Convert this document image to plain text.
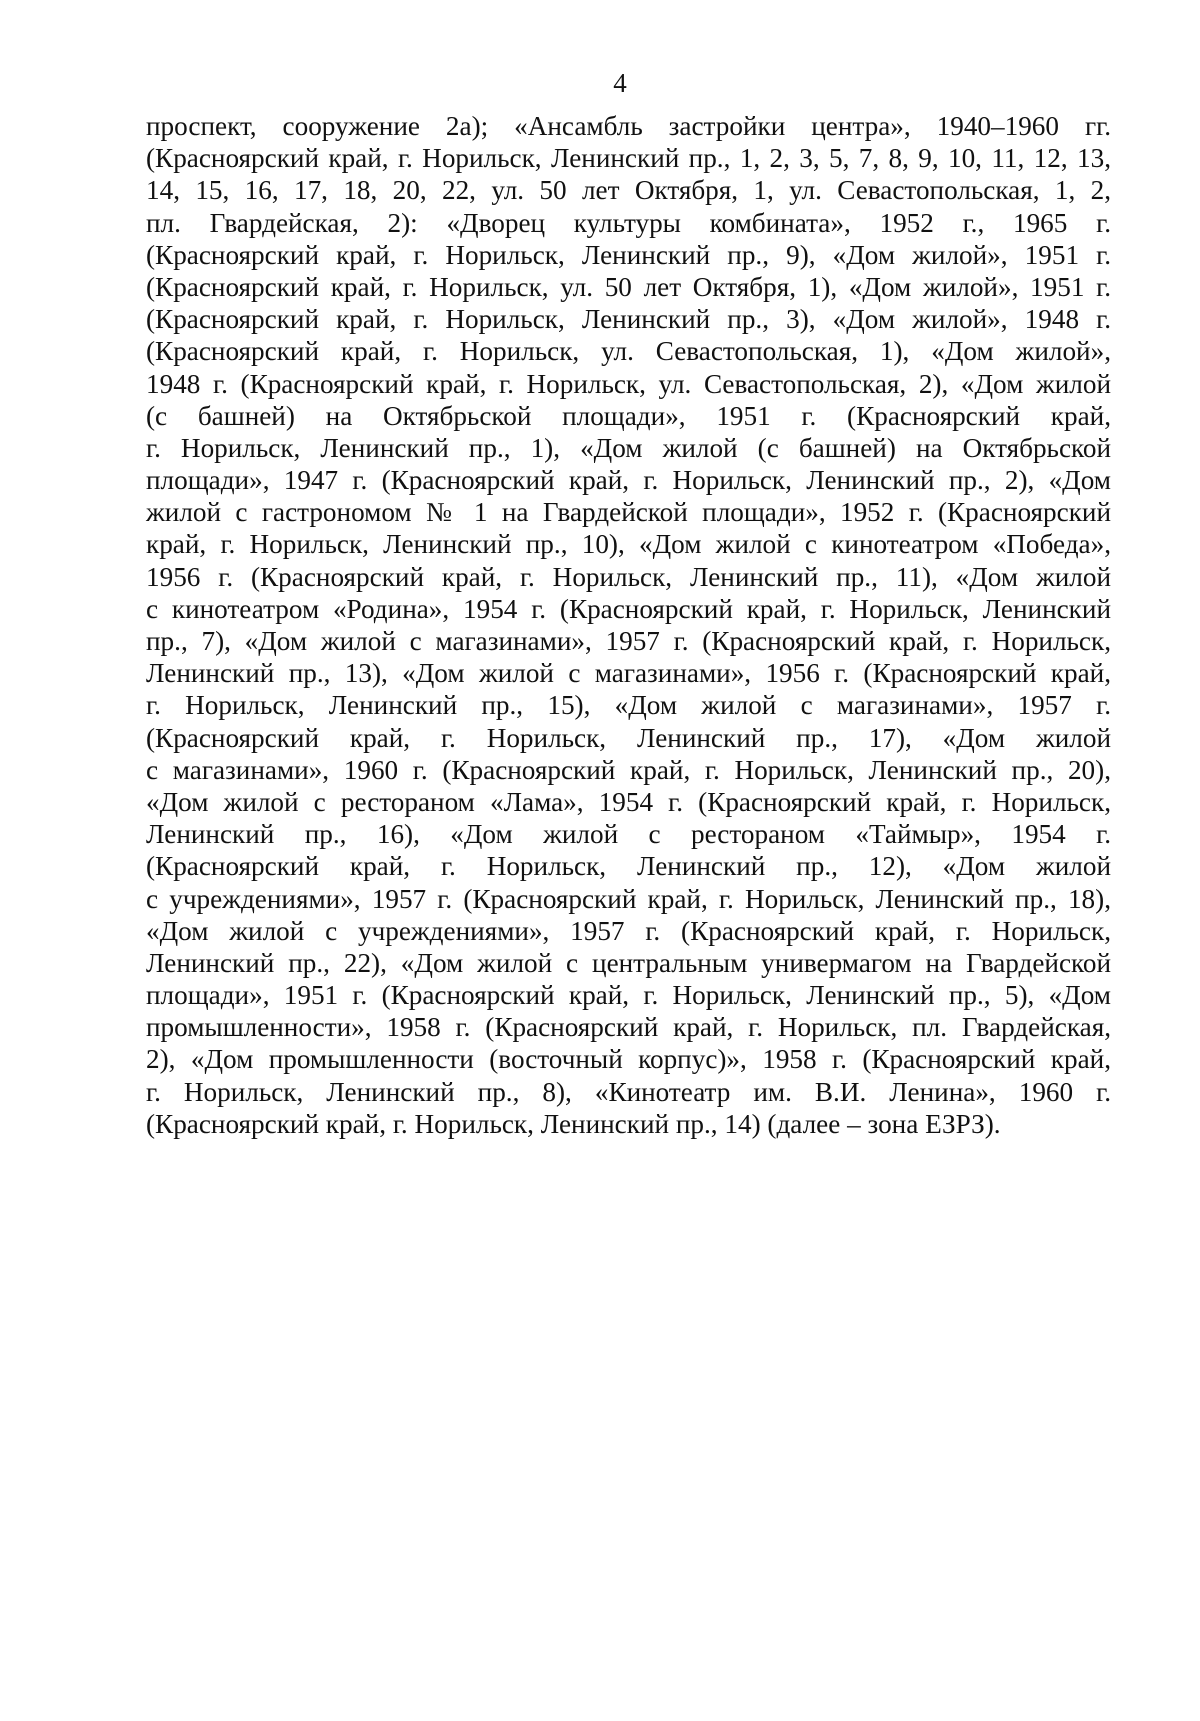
4
проспект, сооружение 2а); «Ансамбль застройки центра», 1940–1960 гг.
(Красноярский край, г. Норильск, Ленинский пр., 1, 2, 3, 5, 7, 8, 9, 10, 11, 12, 13,
14, 15, 16, 17, 18, 20, 22, ул. 50 лет Октября, 1, ул. Севастопольская, 1, 2,
пл. Гвардейская, 2): «Дворец культуры комбината», 1952 г., 1965 г.
(Красноярский край, г. Норильск, Ленинский пр., 9), «Дом жилой», 1951 г.
(Красноярский край, г. Норильск, ул. 50 лет Октября, 1), «Дом жилой», 1951 г.
(Красноярский край, г. Норильск, Ленинский пр., 3), «Дом жилой», 1948 г.
(Красноярский край, г. Норильск, ул. Севастопольская, 1), «Дом жилой»,
1948 г. (Красноярский край, г. Норильск, ул. Севастопольская, 2), «Дом жилой
(с башней) на Октябрьской площади», 1951 г. (Красноярский край,
г. Норильск, Ленинский пр., 1), «Дом жилой (с башней) на Октябрьской
площади», 1947 г. (Красноярский край, г. Норильск, Ленинский пр., 2), «Дом
жилой с гастрономом № 1 на Гвардейской площади», 1952 г. (Красноярский
край, г. Норильск, Ленинский пр., 10), «Дом жилой с кинотеатром «Победа»,
1956 г. (Красноярский край, г. Норильск, Ленинский пр., 11), «Дом жилой
с кинотеатром «Родина», 1954 г. (Красноярский край, г. Норильск, Ленинский
пр., 7), «Дом жилой с магазинами», 1957 г. (Красноярский край, г. Норильск,
Ленинский пр., 13), «Дом жилой с магазинами», 1956 г. (Красноярский край,
г. Норильск, Ленинский пр., 15), «Дом жилой с магазинами», 1957 г.
(Красноярский край, г. Норильск, Ленинский пр., 17), «Дом жилой
с магазинами», 1960 г. (Красноярский край, г. Норильск, Ленинский пр., 20),
«Дом жилой с рестораном «Лама», 1954 г. (Красноярский край, г. Норильск,
Ленинский пр., 16), «Дом жилой с рестораном «Таймыр», 1954 г.
(Красноярский край, г. Норильск, Ленинский пр., 12), «Дом жилой
с учреждениями», 1957 г. (Красноярский край, г. Норильск, Ленинский пр., 18),
«Дом жилой с учреждениями», 1957 г. (Красноярский край, г. Норильск,
Ленинский пр., 22), «Дом жилой с центральным универмагом на Гвардейской
площади», 1951 г. (Красноярский край, г. Норильск, Ленинский пр., 5), «Дом
промышленности», 1958 г. (Красноярский край, г. Норильск, пл. Гвардейская,
2), «Дом промышленности (восточный корпус)», 1958 г. (Красноярский край,
г. Норильск, Ленинский пр., 8), «Кинотеатр им. В.И. Ленина», 1960 г.
(Красноярский край, г. Норильск, Ленинский пр., 14) (далее – зона ЕЗРЗ).
